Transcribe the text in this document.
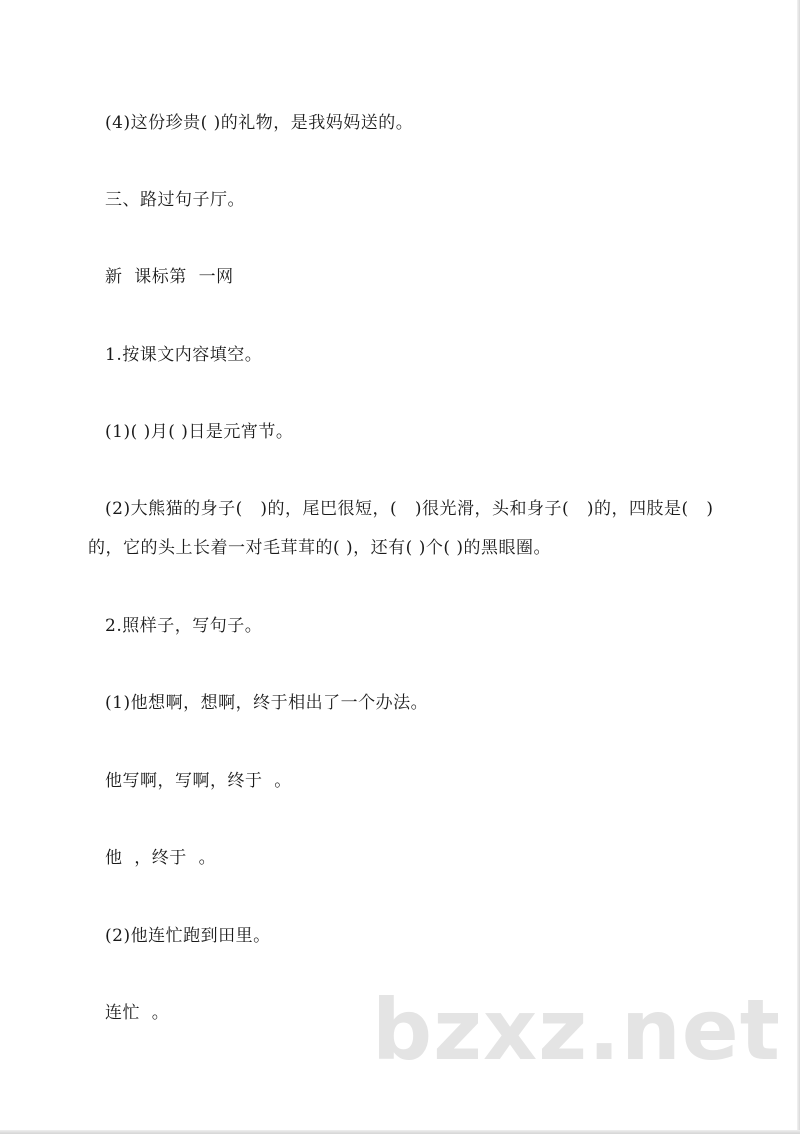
(4)这份珍贵( )的礼物，是我妈妈送的。
三、路过句子厅。
新  课标第  一网
1.按课文内容填空。
(1)( )月( )日是元宵节。
(2)大熊猫的身子(   )的，尾巴很短，(   )很光滑，头和身子(   )的，四肢是(   )
的，它的头上长着一对毛茸茸的( )，还有( )个( )的黑眼圈。
2.照样子，写句子。
(1)他想啊，想啊，终于相出了一个办法。
他写啊，写啊，终于  。
他  ，终于  。
(2)他连忙跑到田里。
连忙  。 bzxz.net
